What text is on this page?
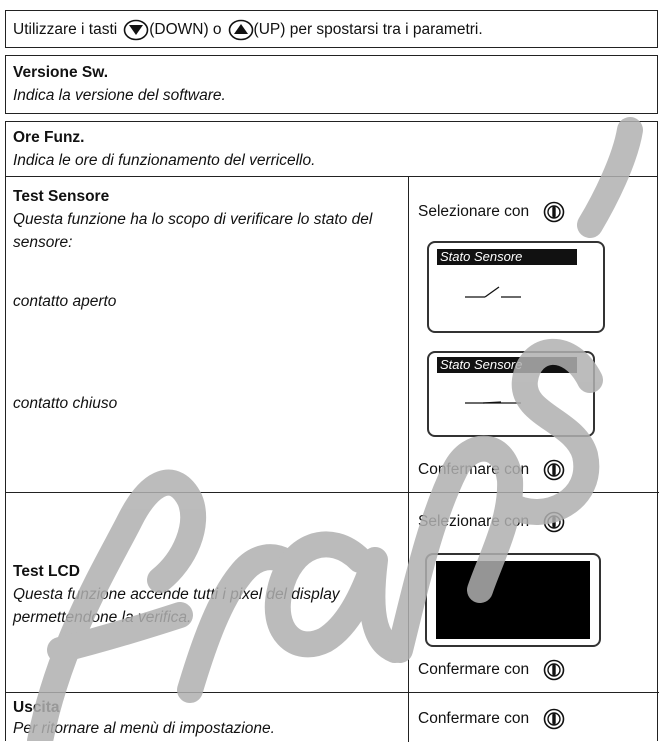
Utilizzare i tasti (DOWN) o (UP) per spostarsi tra i parametri.
Versione Sw.
Indica la versione del software.
Ore Funz.
Indica le ore di funzionamento del verricello.
Test Sensore
Questa funzione ha lo scopo di verificare lo stato del sensore:
contatto aperto
contatto chiuso
Selezionare con
Stato Sensore
Stato Sensore
Confermare con
Test LCD
Questa funzione accende tutti i pixel del display permettendone la verifica.
Selezionare con
Confermare con
Uscita
Per ritornare al menù di impostazione.
Confermare con
